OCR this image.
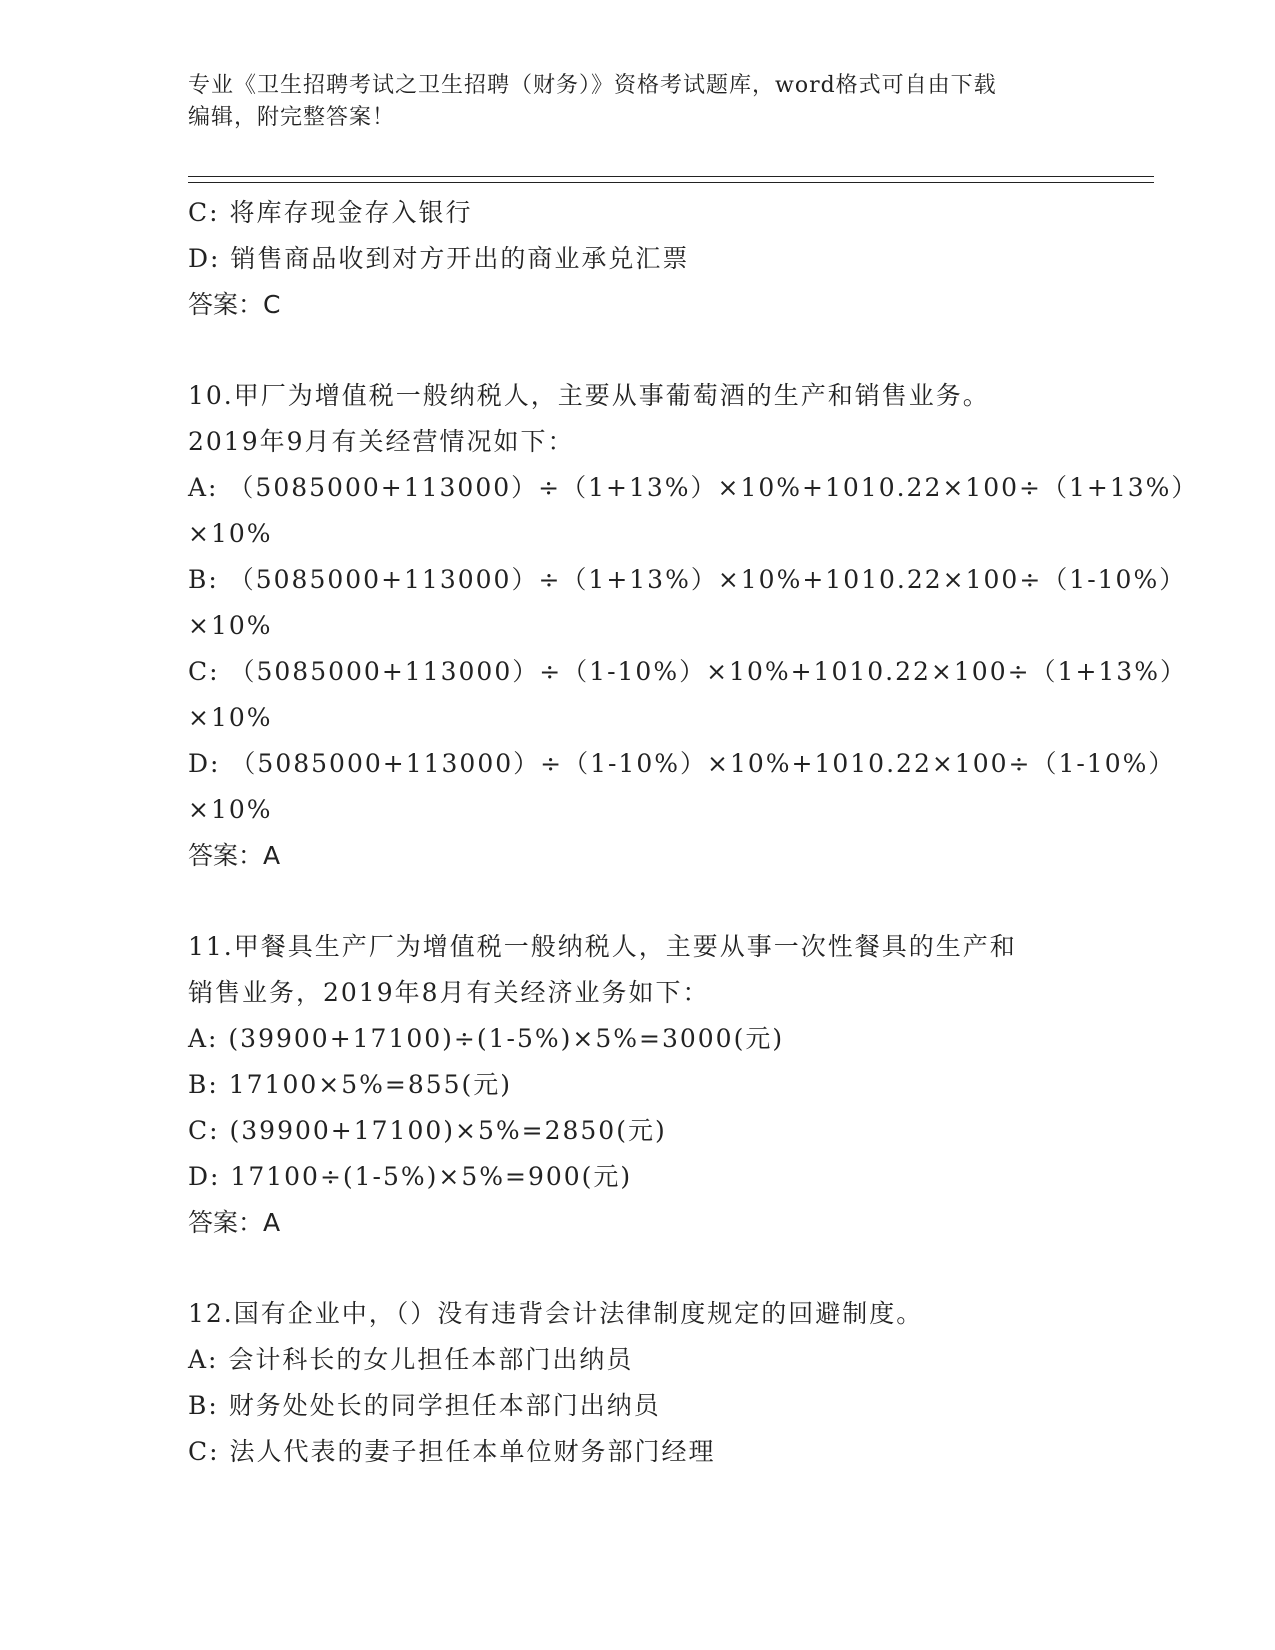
专业《卫生招聘考试之卫生招聘（财务）》资格考试题库，word格式可自由下载
编辑，附完整答案！
C: 将库存现金存入银行
D: 销售商品收到对方开出的商业承兑汇票
答案：C
10.甲厂为增值税一般纳税人，主要从事葡萄酒的生产和销售业务。
2019年9月有关经营情况如下：
A: （5085000+113000）÷（1+13%）×10%+1010.22×100÷（1+13%）
×10%
B: （5085000+113000）÷（1+13%）×10%+1010.22×100÷（1-10%）
×10%
C: （5085000+113000）÷（1-10%）×10%+1010.22×100÷（1+13%）
×10%
D: （5085000+113000）÷（1-10%）×10%+1010.22×100÷（1-10%）
×10%
答案：A
11.甲餐具生产厂为增值税一般纳税人，主要从事一次性餐具的生产和
销售业务，2019年8月有关经济业务如下：
A: (39900+17100)÷(1-5%)×5%=3000(元)
B: 17100×5%=855(元)
C: (39900+17100)×5%=2850(元)
D: 17100÷(1-5%)×5%=900(元)
答案：A
12.国有企业中，（）没有违背会计法律制度规定的回避制度。
A: 会计科长的女儿担任本部门出纳员
B: 财务处处长的同学担任本部门出纳员
C: 法人代表的妻子担任本单位财务部门经理
